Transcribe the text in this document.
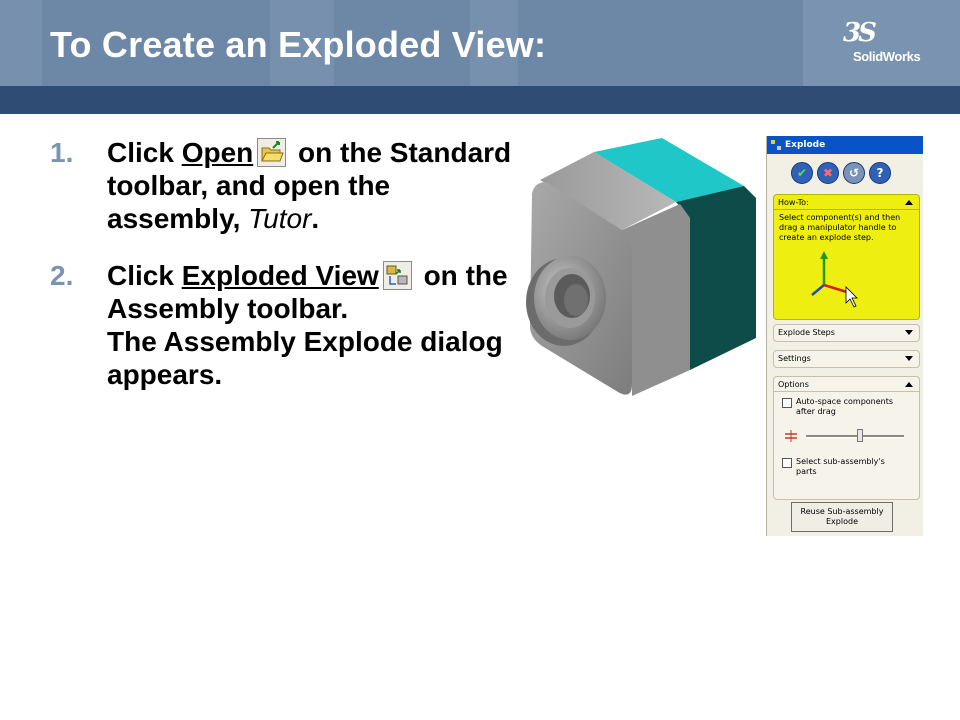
To Create an Exploded View:	3S
SolidWorks
1. Click Open on the Standard toolbar, and open the assembly, Tutor.
2. Click Exploded View on the Assembly toolbar.
The Assembly Explode dialog appears.
Explode
✔	✖	↺	?
How-To:
Select component(s) and then drag a manipulator handle to create an explode step.
Explode Steps
Settings
Options
Auto-space components after drag
Select sub-assembly's parts
Reuse Sub-assembly Explode
